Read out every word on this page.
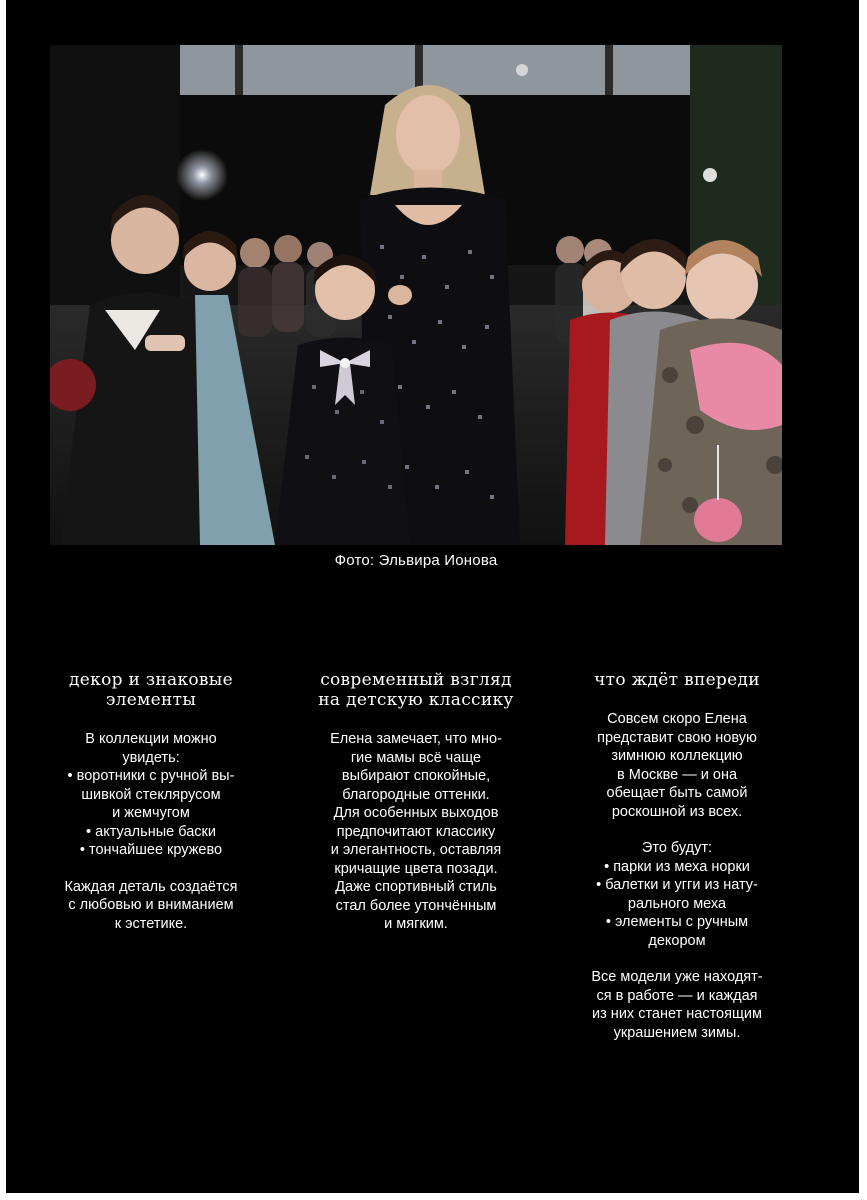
Фото: Эльвира Ионова
декор и знаковые
элементы

В коллекции можно
увидеть:
• воротники с ручной вы-
шивкой стеклярусом
и жемчугом
• актуальные баски
• тончайшее кружево

Каждая деталь создаётся
с любовью и вниманием
к эстетике.

современный взгляд
на детскую классику

Елена замечает, что мно-
гие мамы всё чаще
выбирают спокойные,
благородные оттенки.
Для особенных выходов
предпочитают классику
и элегантность, оставляя
кричащие цвета позади.
Даже спортивный стиль
стал более утончённым
и мягким.

что ждёт впереди

Совсем скоро Елена
представит свою новую
зимнюю коллекцию
в Москве — и она
обещает быть самой
роскошной из всех.

Это будут:
• парки из меха норки
• балетки и угги из нату-
рального меха
• элементы с ручным
декором

Все модели уже находят-
ся в работе — и каждая
из них станет настоящим
украшением зимы.
